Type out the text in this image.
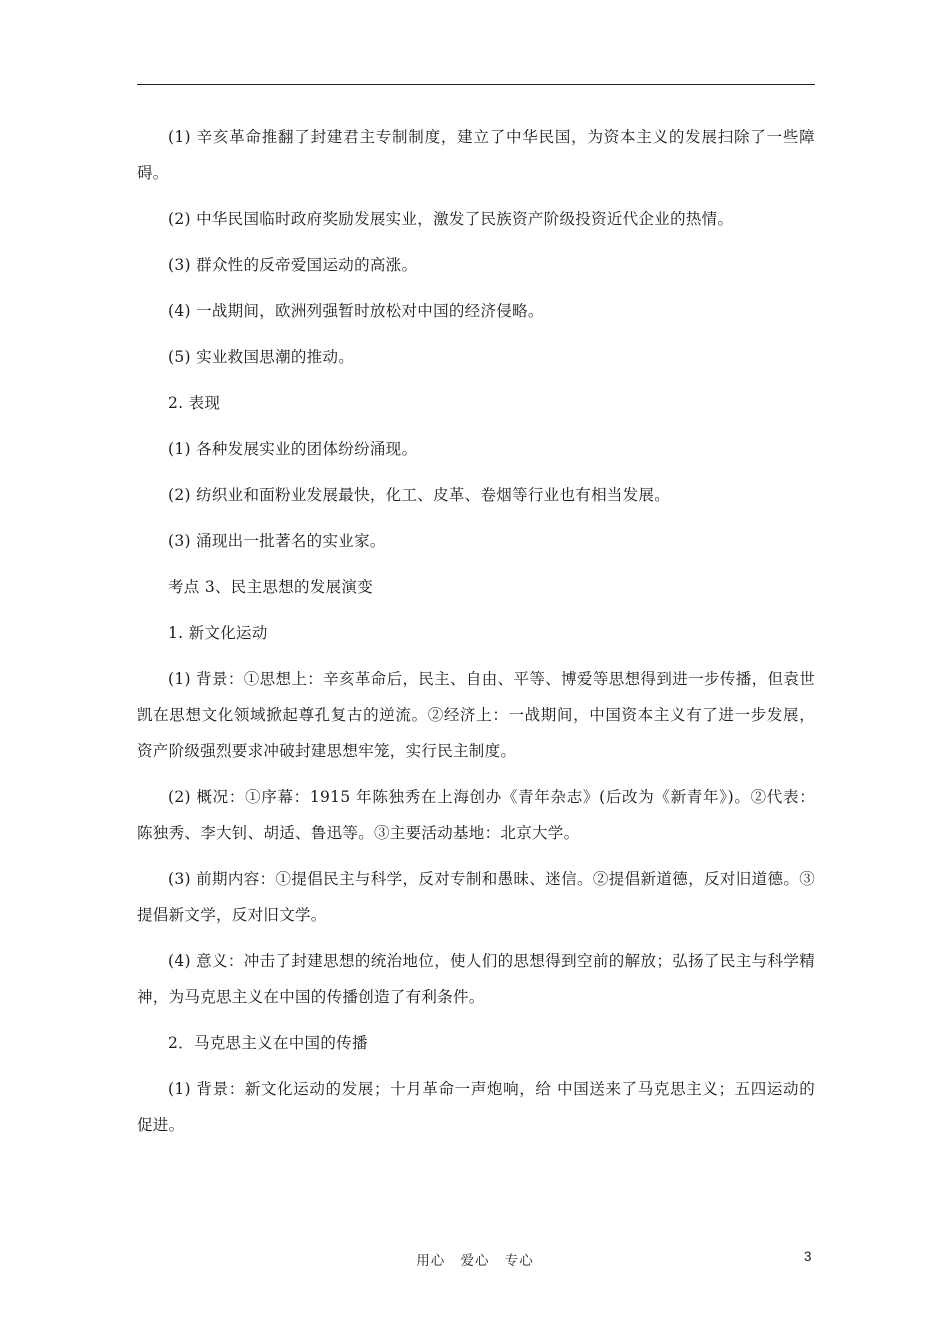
(1) 辛亥革命推翻了封建君主专制制度，建立了中华民国，为资本主义的发展扫除了一些障碍。

(2) 中华民国临时政府奖励发展实业，激发了民族资产阶级投资近代企业的热情。

(3) 群众性的反帝爱国运动的高涨。

(4) 一战期间，欧洲列强暂时放松对中国的经济侵略。

(5) 实业救国思潮的推动。

2. 表现

(1) 各种发展实业的团体纷纷涌现。

(2) 纺织业和面粉业发展最快，化工、皮革、卷烟等行业也有相当发展。

(3) 涌现出一批著名的实业家。

考点 3、民主思想的发展演变

1. 新文化运动

(1) 背景：①思想上：辛亥革命后，民主、自由、平等、博爱等思想得到进一步传播，但袁世凯在思想文化领域掀起尊孔复古的逆流。②经济上：一战期间，中国资本主义有了进一步发展，资产阶级强烈要求冲破封建思想牢笼，实行民主制度。

(2) 概况：①序幕：1915 年陈独秀在上海创办《青年杂志》(后改为《新青年》)。②代表：陈独秀、李大钊、胡适、鲁迅等。③主要活动基地：北京大学。

(3) 前期内容：①提倡民主与科学，反对专制和愚昧、迷信。②提倡新道德，反对旧道德。③提倡新文学，反对旧文学。

(4) 意义：冲击了封建思想的统治地位，使人们的思想得到空前的解放；弘扬了民主与科学精神，为马克思主义在中国的传播创造了有利条件。

2．马克思主义在中国的传播

(1) 背景：新文化运动的发展；十月革命一声炮响，给 中国送来了马克思主义；五四运动的促进。

用心 爱心 专心	3
